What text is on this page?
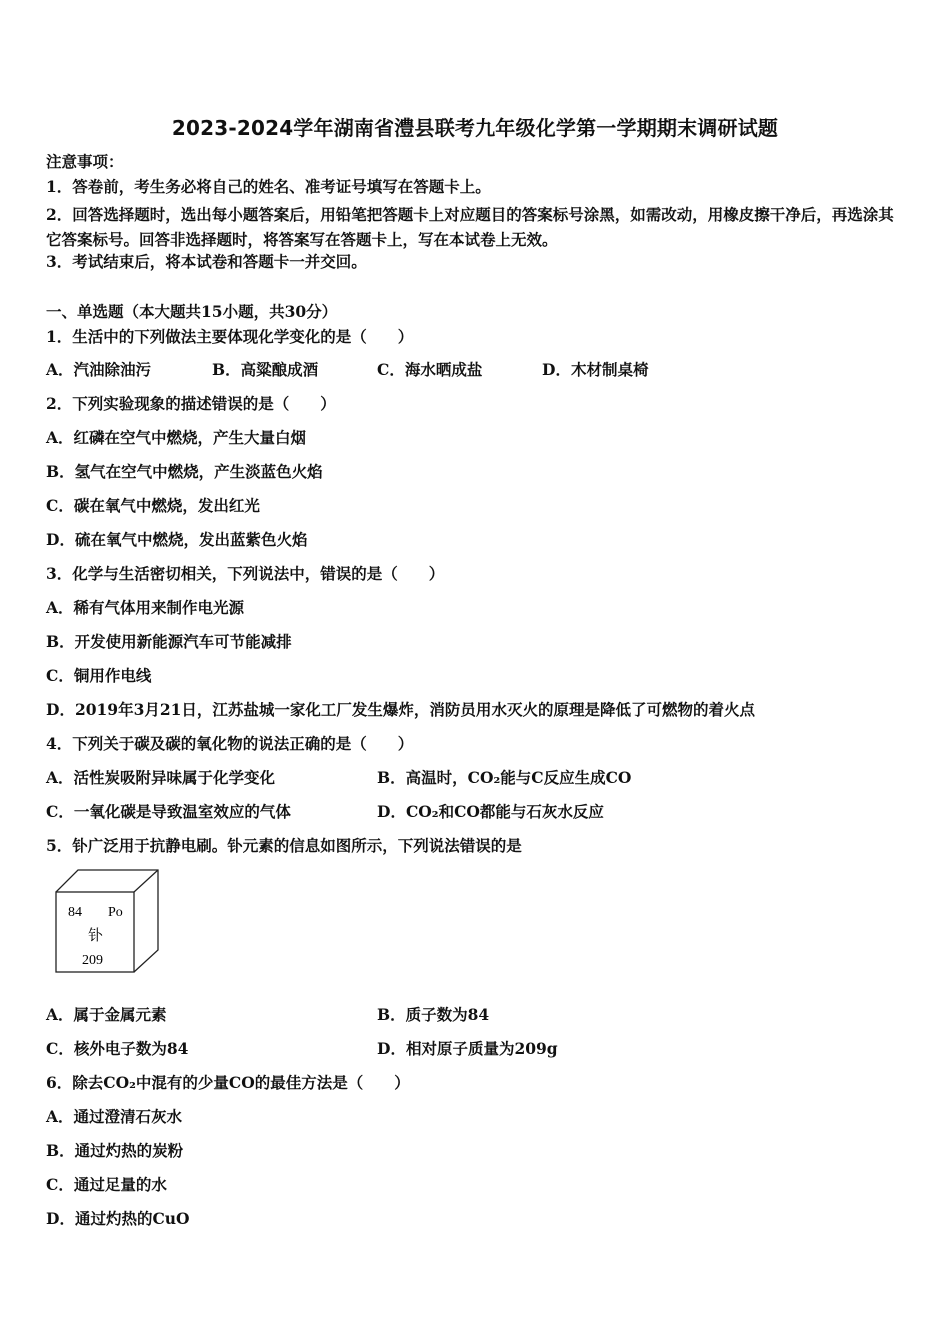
2023-2024学年湖南省澧县联考九年级化学第一学期期末调研试题
注意事项：
1．答卷前，考生务必将自己的姓名、准考证号填写在答题卡上。
2．回答选择题时，选出每小题答案后，用铅笔把答题卡上对应题目的答案标号涂黑，如需改动，用橡皮擦干净后，再选涂其它答案标号。回答非选择题时，将答案写在答题卡上，写在本试卷上无效。
3．考试结束后，将本试卷和答题卡一并交回。
一、单选题（本大题共15小题，共30分）
1．生活中的下列做法主要体现化学变化的是（　　）
A．汽油除油污	B．高粱酿成酒	C．海水晒成盐	D．木材制桌椅
2．下列实验现象的描述错误的是（　　）
A．红磷在空气中燃烧，产生大量白烟
B．氢气在空气中燃烧，产生淡蓝色火焰
C．碳在氧气中燃烧，发出红光
D．硫在氧气中燃烧，发出蓝紫色火焰
3．化学与生活密切相关，下列说法中，错误的是（　　）
A．稀有气体用来制作电光源
B．开发使用新能源汽车可节能减排
C．铜用作电线
D．2019年3月21日，江苏盐城一家化工厂发生爆炸，消防员用水灭火的原理是降低了可燃物的着火点
4．下列关于碳及碳的氧化物的说法正确的是（　　）
A．活性炭吸附异味属于化学变化	B．高温时，CO₂能与C反应生成CO
C．一氧化碳是导致温室效应的气体	D．CO₂和CO都能与石灰水反应
5．钋广泛用于抗静电刷。钋元素的信息如图所示，下列说法错误的是
84 Po
钋
209
A．属于金属元素	B．质子数为84
C．核外电子数为84	D．相对原子质量为209g
6．除去CO₂中混有的少量CO的最佳方法是（　　）
A．通过澄清石灰水
B．通过灼热的炭粉
C．通过足量的水
D．通过灼热的CuO
